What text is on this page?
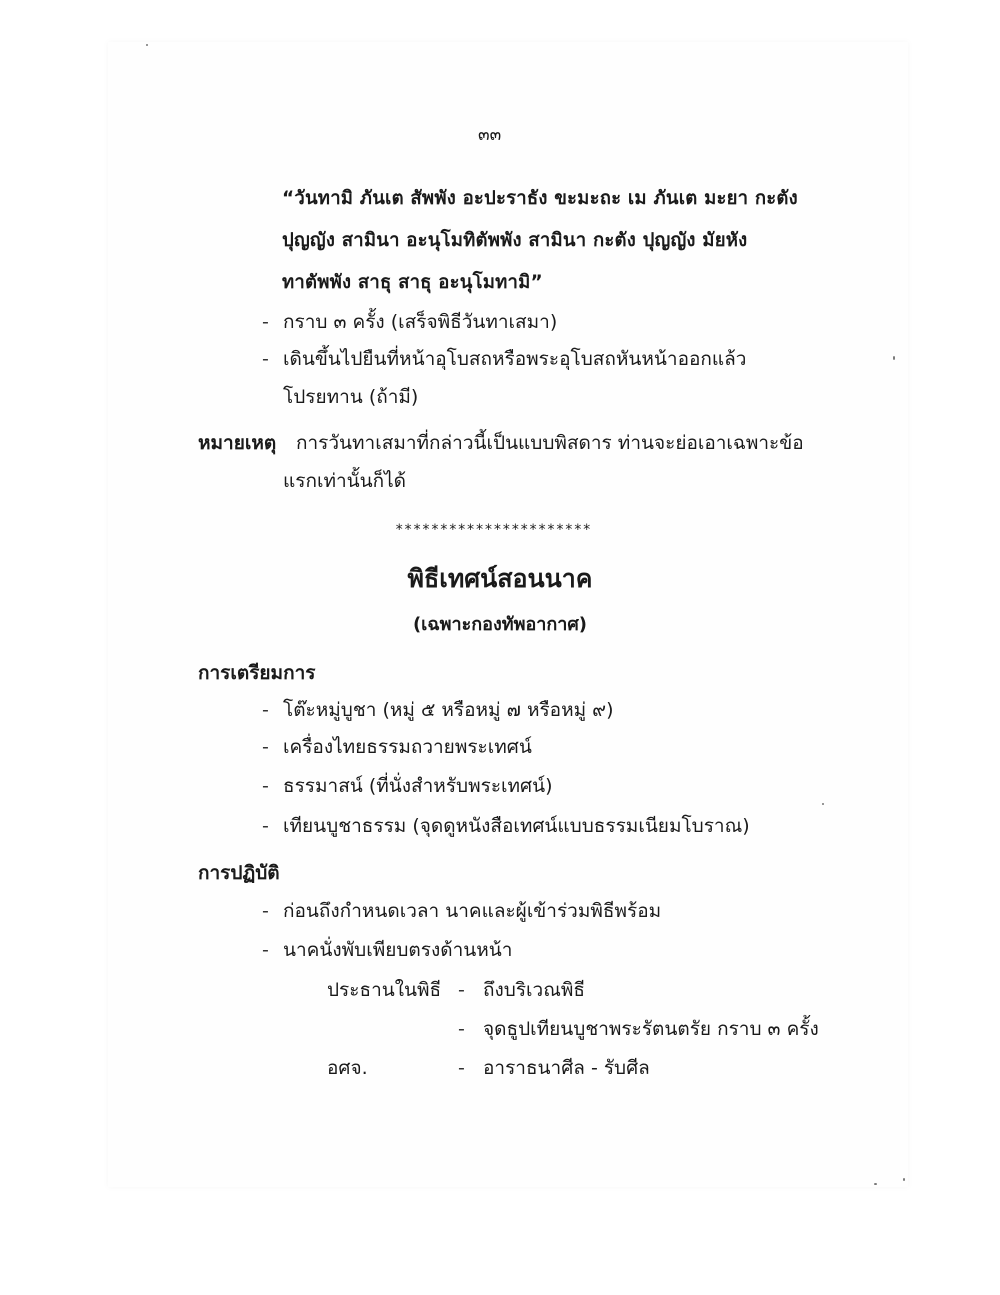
๓๓
“วันทามิ ภันเต สัพพัง อะปะราธัง ขะมะถะ เม ภันเต มะยา กะตัง
ปุญญัง สามินา อะนุโมทิตัพพัง สามินา กะตัง ปุญญัง มัยหัง
ทาตัพพัง สาธุ สาธุ อะนุโมทามิ”
- กราบ ๓ ครั้ง (เสร็จพิธีวันทาเสมา)
- เดินขึ้นไปยืนที่หน้าอุโบสถหรือพระอุโบสถหันหน้าออกแล้ว
โปรยทาน (ถ้ามี)
หมายเหตุ การวันทาเสมาที่กล่าวนี้เป็นแบบพิสดาร ท่านจะย่อเอาเฉพาะข้อ
แรกเท่านั้นก็ได้
**********************
พิธีเทศน์สอนนาค
(เฉพาะกองทัพอากาศ)
การเตรียมการ
- โต๊ะหมู่บูชา (หมู่ ๕ หรือหมู่ ๗ หรือหมู่ ๙)
- เครื่องไทยธรรมถวายพระเทศน์
- ธรรมาสน์ (ที่นั่งสำหรับพระเทศน์)
- เทียนบูชาธรรม (จุดดูหนังสือเทศน์แบบธรรมเนียมโบราณ)
การปฏิบัติ
- ก่อนถึงกำหนดเวลา นาคและผู้เข้าร่วมพิธีพร้อม
- นาคนั่งพับเพียบตรงด้านหน้า
ประธานในพิธี - ถึงบริเวณพิธี
- จุดธูปเทียนบูชาพระรัตนตรัย กราบ ๓ ครั้ง
อศจ.	- อาราธนาศีล - รับศีล
